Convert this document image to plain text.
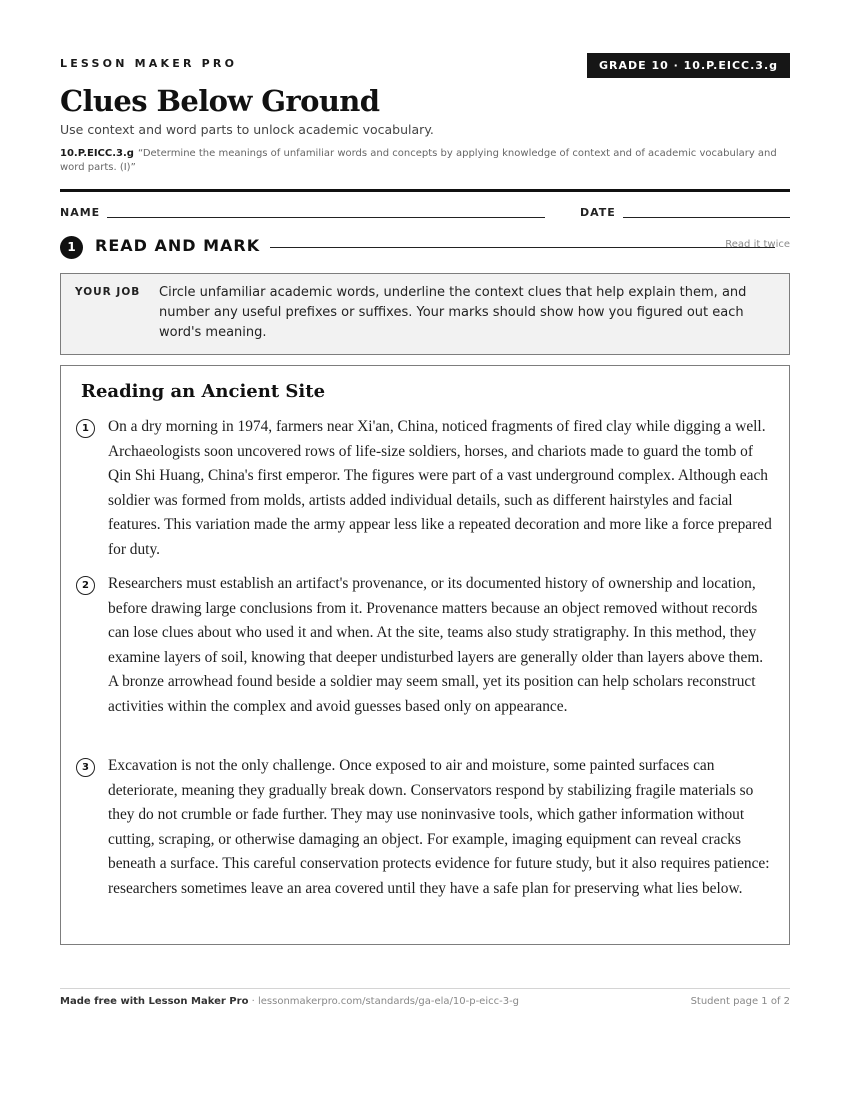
LESSON MAKER PRO	GRADE 10 · 10.P.EICC.3.g
Clues Below Ground
Use context and word parts to unlock academic vocabulary.
10.P.EICC.3.g “Determine the meanings of unfamiliar words and concepts by applying knowledge of context and of academic vocabulary and word parts. (I)”
NAME	DATE
1	READ AND MARK	Read it twice
YOUR JOB Circle unfamiliar academic words, underline the context clues that help explain them, and number any useful prefixes or suffixes. Your marks should show how you figured out each word's meaning.
Reading an Ancient Site
1	On a dry morning in 1974, farmers near Xi'an, China, noticed fragments of fired clay while digging a well. Archaeologists soon uncovered rows of life-size soldiers, horses, and chariots made to guard the tomb of Qin Shi Huang, China's first emperor. The figures were part of a vast underground complex. Although each soldier was formed from molds, artists added individual details, such as different hairstyles and facial features. This variation made the army appear less like a repeated decoration and more like a force prepared for duty.
2	Researchers must establish an artifact's provenance, or its documented history of ownership and location, before drawing large conclusions from it. Provenance matters because an object removed without records can lose clues about who used it and when. At the site, teams also study stratigraphy. In this method, they examine layers of soil, knowing that deeper undisturbed layers are generally older than layers above them. A bronze arrowhead found beside a soldier may seem small, yet its position can help scholars reconstruct activities within the complex and avoid guesses based only on appearance.
3	Excavation is not the only challenge. Once exposed to air and moisture, some painted surfaces can deteriorate, meaning they gradually break down. Conservators respond by stabilizing fragile materials so they do not crumble or fade further. They may use noninvasive tools, which gather information without cutting, scraping, or otherwise damaging an object. For example, imaging equipment can reveal cracks beneath a surface. This careful conservation protects evidence for future study, but it also requires patience: researchers sometimes leave an area covered until they have a safe plan for preserving what lies below.
Made free with Lesson Maker Pro · lessonmakerpro.com/standards/ga-ela/10-p-eicc-3-g	Student page 1 of 2
